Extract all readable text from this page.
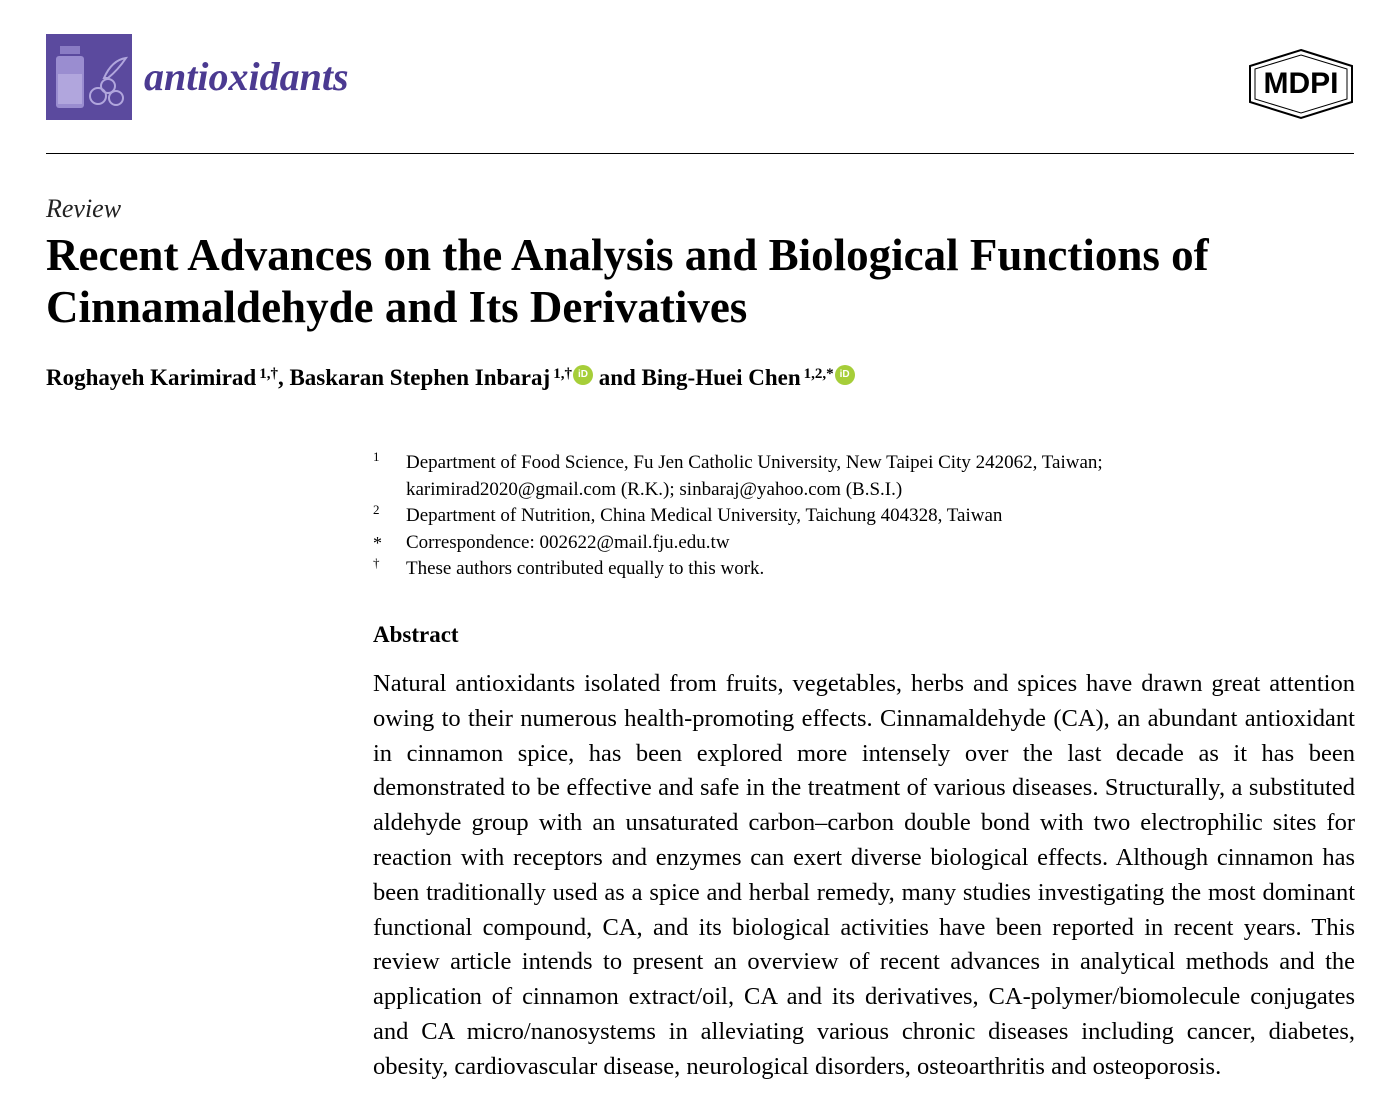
antioxidants	MDPI
Review
Recent Advances on the Analysis and Biological Functions of Cinnamaldehyde and Its Derivatives
Roghayeh Karimirad $^{1,\dagger}$, Baskaran Stephen Inbaraj $^{1,\dagger}$ iD and Bing-Huei Chen $^{1,2,*}$ iD
1	Department of Food Science, Fu Jen Catholic University, New Taipei City 242062, Taiwan;
karimirad2020@gmail.com (R.K.); sinbaraj@yahoo.com (B.S.I.)
2	Department of Nutrition, China Medical University, Taichung 404328, Taiwan
*	Correspondence: 002622@mail.fju.edu.tw
†	These authors contributed equally to this work.
Abstract

Natural antioxidants isolated from fruits, vegetables, herbs and spices have drawn great attention owing to their numerous health-promoting effects. Cinnamaldehyde (CA), an abundant antioxidant in cinnamon spice, has been explored more intensely over the last decade as it has been demonstrated to be effective and safe in the treatment of various diseases. Structurally, a substituted aldehyde group with an unsaturated carbon–carbon double bond with two electrophilic sites for reaction with receptors and enzymes can exert diverse biological effects. Although cinnamon has been traditionally used as a spice and herbal remedy, many studies investigating the most dominant functional compound, CA, and its biological activities have been reported in recent years. This review article intends to present an overview of recent advances in analytical methods and the application of cinnamon extract/oil, CA and its derivatives, CA-polymer/biomolecule conjugates and CA micro/nanosystems in alleviating various chronic diseases including cancer, diabetes, obesity, cardiovascular disease, neurological disorders, osteoarthritis and osteoporosis.
